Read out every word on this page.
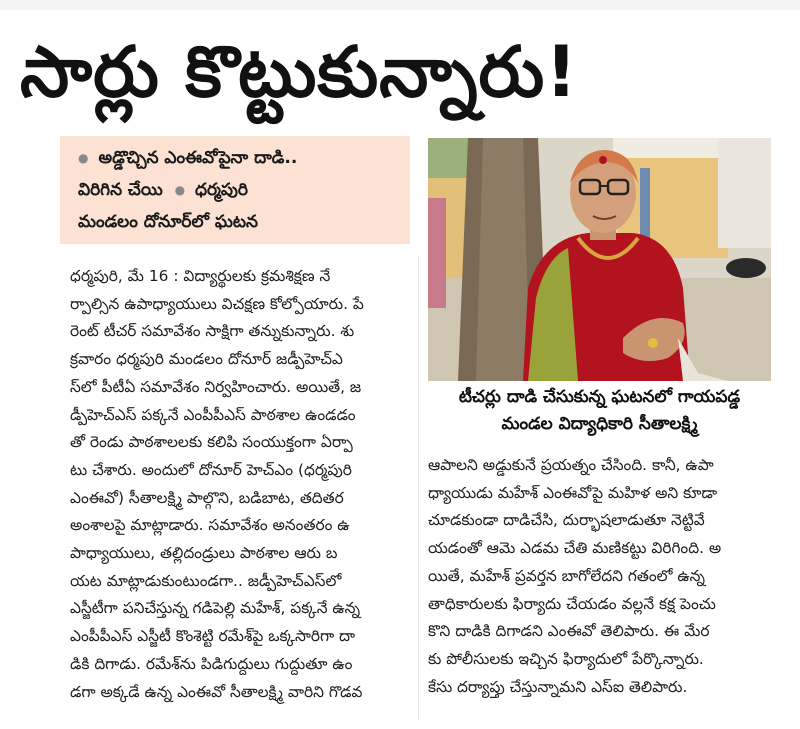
సార్లు కొట్టుకున్నారు!
● అడ్డొచ్చిన ఎంఈవోపైనా దాడి..
విరిగిన చేయి ● ధర్మపురి
మండలం దోనూర్‌లో ఘటన
టీచర్లు దాడి చేసుకున్న ఘటనలో గాయపడ్డ
మండల విద్యాధికారి సీతాలక్ష్మి
ధర్మపురి, మే 16 : విద్యార్థులకు క్రమశిక్షణ నే
ర్పాల్సిన ఉపాధ్యాయులు విచక్షణ కోల్పోయారు. పే
రెంట్ టీచర్ సమావేశం సాక్షిగా తన్నుకున్నారు. శు
క్రవారం ధర్మపురి మండలం దోనూర్ జడ్పీహెచ్ఎ
స్‌లో పీటీఏ సమావేశం నిర్వహించారు. అయితే, జ
డ్పీహెచ్ఎస్ పక్కనే ఎంపీపీఎస్ పాఠశాల ఉండడం
తో రెండు పాఠశాలలకు కలిపి సంయుక్తంగా ఏర్పా
టు చేశారు. అందులో దోనూర్ హెచ్ఎం (ధర్మపురి
ఎంఈవో) సీతాలక్ష్మి పాల్గొని, బడిబాట, తదితర
అంశాలపై మాట్లాడారు. సమావేశం అనంతరం ఉ
పాధ్యాయులు, తల్లిదండ్రులు పాఠశాల ఆరు బ
యట మాట్లాడుకుంటుండగా.. జడ్పీహెచ్ఎస్‌లో
ఎస్జీటీగా పనిచేస్తున్న గడిపెల్లి మహేశ్, పక్కనే ఉన్న
ఎంపీపీఎస్ ఎస్జీటీ కొంశెట్టి రమేశ్‌పై ఒక్కసారిగా దా
డికి దిగాడు. రమేశ్‌ను పిడిగుద్దులు గుద్దుతూ ఉం
డగా అక్కడే ఉన్న ఎంఈవో సీతాలక్ష్మి వారిని గొడవ
ఆపాలని అడ్డుకునే ప్రయత్నం చేసింది. కానీ, ఉపా
ధ్యాయుడు మహేశ్ ఎంఈవోపై మహిళ అని కూడా
చూడకుండా దాడిచేసి, దుర్భాషలాడుతూ నెట్టివే
యడంతో ఆమె ఎడమ చేతి మణికట్టు విరిగింది. అ
యితే, మహేశ్ ప్రవర్తన బాగోలేదని గతంలో ఉన్న
తాధికారులకు ఫిర్యాదు చేయడం వల్లనే కక్ష పెంచు
కొని దాడికి దిగాడని ఎంఈవో తెలిపారు. ఈ మేర
కు పోలీసులకు ఇచ్చిన ఫిర్యాదులో పేర్కొన్నారు.
కేసు దర్యాప్తు చేస్తున్నామని ఎస్ఐ తెలిపారు.
